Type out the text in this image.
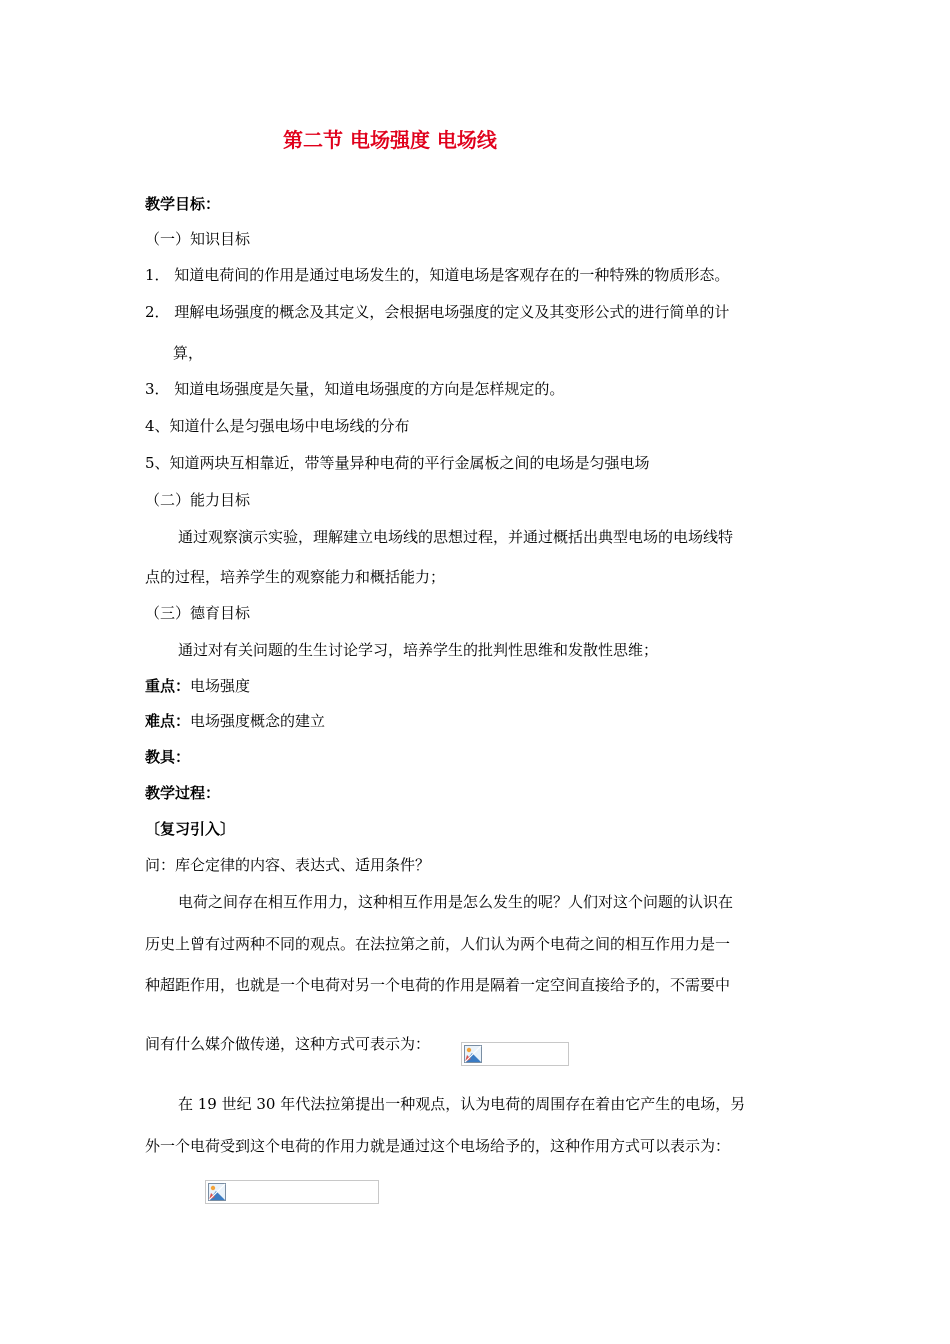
第二节 电场强度 电场线
教学目标：
（一）知识目标
1． 知道电荷间的作用是通过电场发生的，知道电场是客观存在的一种特殊的物质形态。
2． 理解电场强度的概念及其定义，会根据电场强度的定义及其变形公式的进行简单的计
算，
3． 知道电场强度是矢量，知道电场强度的方向是怎样规定的。
4、知道什么是匀强电场中电场线的分布
5、知道两块互相靠近，带等量异种电荷的平行金属板之间的电场是匀强电场
（二）能力目标
通过观察演示实验，理解建立电场线的思想过程，并通过概括出典型电场的电场线特
点的过程，培养学生的观察能力和概括能力；
（三）德育目标
通过对有关问题的生生讨论学习，培养学生的批判性思维和发散性思维；
重点：电场强度
难点：电场强度概念的建立
教具：
教学过程：
〔复习引入〕
问：库仑定律的内容、表达式、适用条件？
电荷之间存在相互作用力，这种相互作用是怎么发生的呢？人们对这个问题的认识在
历史上曾有过两种不同的观点。在法拉第之前，人们认为两个电荷之间的相互作用力是一
种超距作用，也就是一个电荷对另一个电荷的作用是隔着一定空间直接给予的，不需要中
间有什么媒介做传递，这种方式可表示为：
在 19 世纪 30 年代法拉第提出一种观点，认为电荷的周围存在着由它产生的电场，另
外一个电荷受到这个电荷的作用力就是通过这个电场给予的，这种作用方式可以表示为：
